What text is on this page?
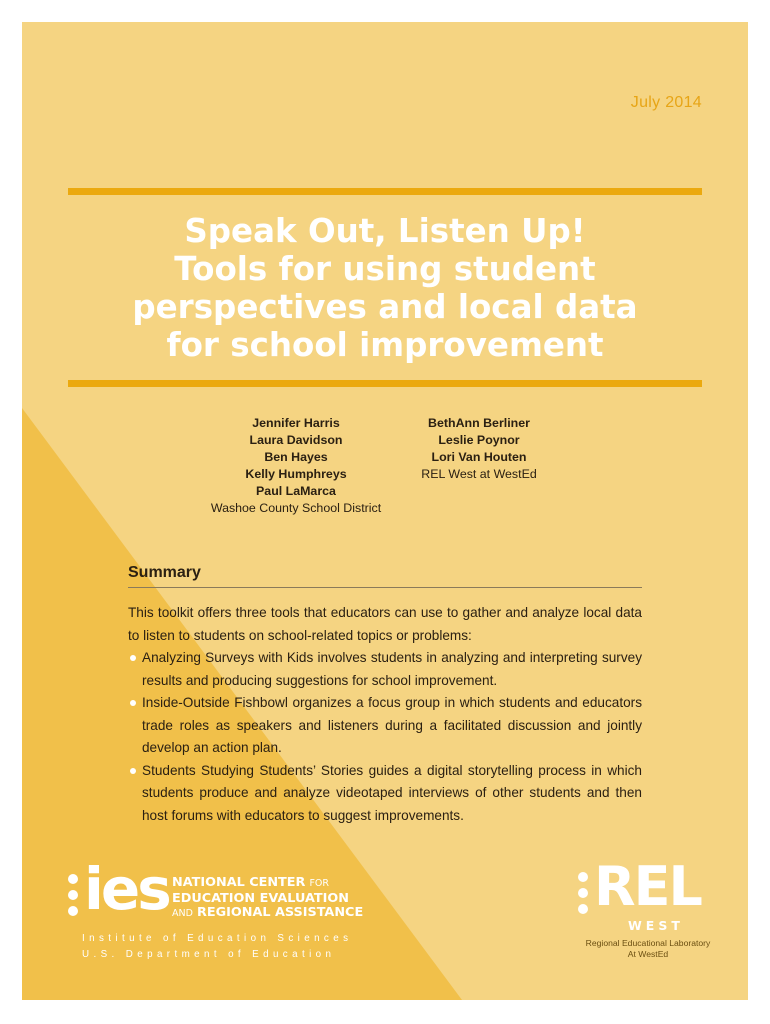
July 2014
Speak Out, Listen Up!
Tools for using student
perspectives and local data
for school improvement
Jennifer Harris
Laura Davidson
Ben Hayes
Kelly Humphreys
Paul LaMarca
Washoe County School District
BethAnn Berliner
Leslie Poynor
Lori Van Houten
REL West at WestEd
Summary

This toolkit offers three tools that educators can use to gather and analyze local data to listen to students on school-related topics or problems:

Analyzing Surveys with Kids involves students in analyzing and interpreting survey results and producing suggestions for school improvement.
Inside-Outside Fishbowl organizes a focus group in which students and educators trade roles as speakers and listeners during a facilitated discussion and jointly develop an action plan.
Students Studying Students’ Stories guides a digital storytelling process in which students produce and analyze videotaped interviews of other students and then host forums with educators to suggest improvements.
ies NATIONAL CENTER FOR
EDUCATION EVALUATION
AND REGIONAL ASSISTANCE
Institute of Education Sciences
U.S. Department of Education
REL
WEST
Regional Educational Laboratory
At WestEd
